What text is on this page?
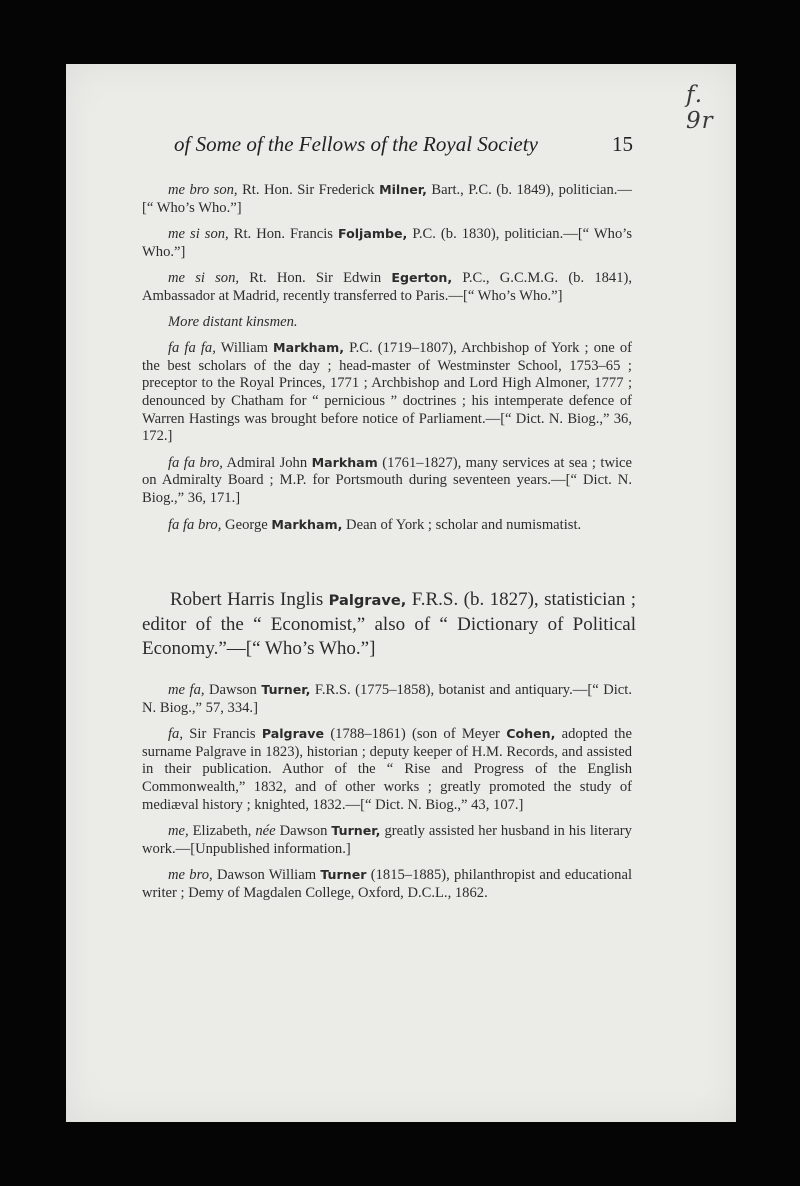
f. 9r
of Some of the Fellows of the Royal Society	15

me bro son, Rt. Hon. Sir Frederick Milner, Bart., P.C. (b. 1849), politician.—[“ Who’s Who.”]

me si son, Rt. Hon. Francis Foljambe, P.C. (b. 1830), politician.—[“ Who’s Who.”]

me si son, Rt. Hon. Sir Edwin Egerton, P.C., G.C.M.G. (b. 1841), Ambassador at Madrid, recently transferred to Paris.—[“ Who’s Who.”]

More distant kinsmen.

fa fa fa, William Markham, P.C. (1719–1807), Archbishop of York ; one of the best scholars of the day ; head-master of Westminster School, 1753–65 ; preceptor to the Royal Princes, 1771 ; Archbishop and Lord High Almoner, 1777 ; denounced by Chatham for “ pernicious ” doctrines ; his intemperate defence of Warren Hastings was brought before notice of Parliament.—[“ Dict. N. Biog.,” 36, 172.]

fa fa bro, Admiral John Markham (1761–1827), many services at sea ; twice on Admiralty Board ; M.P. for Portsmouth during seventeen years.—[“ Dict. N. Biog.,” 36, 171.]

fa fa bro, George Markham, Dean of York ; scholar and numismatist.

Robert Harris Inglis Palgrave, F.R.S. (b. 1827), statistician ; editor of the “ Economist,” also of “ Dictionary of Political Economy.”—[“ Who’s Who.”]

me fa, Dawson Turner, F.R.S. (1775–1858), botanist and antiquary.—[“ Dict. N. Biog.,” 57, 334.]

fa, Sir Francis Palgrave (1788–1861) (son of Meyer Cohen, adopted the surname Palgrave in 1823), historian ; deputy keeper of H.M. Records, and assisted in their publication. Author of the “ Rise and Progress of the English Commonwealth,” 1832, and of other works ; greatly promoted the study of mediæval history ; knighted, 1832.—[“ Dict. N. Biog.,” 43, 107.]

me, Elizabeth, née Dawson Turner, greatly assisted her husband in his literary work.—[Unpublished information.]

me bro, Dawson William Turner (1815–1885), philanthropist and educational writer ; Demy of Magdalen College, Oxford, D.C.L., 1862.
